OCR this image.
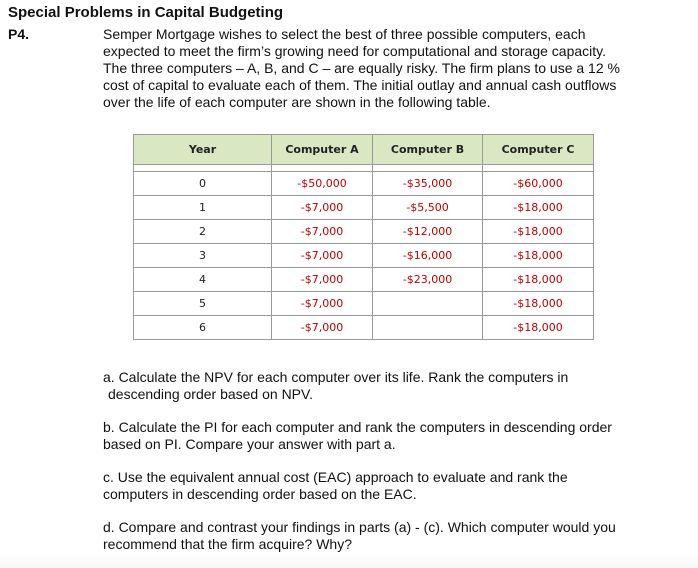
Special Problems in Capital Budgeting
P4.	Semper Mortgage wishes to select the best of three possible computers, each
expected to meet the firm’s growing need for computational and storage capacity.
The three computers – A, B, and C – are equally risky. The firm plans to use a 12 %
cost of capital to evaluate each of them. The initial outlay and annual cash outflows
over the life of each computer are shown in the following table.
Year	Computer A	Computer B	Computer C

0	-$50,000	-$35,000	-$60,000
1	-$7,000	-$5,500	-$18,000
2	-$7,000	-$12,000	-$18,000
3	-$7,000	-$16,000	-$18,000
4	-$7,000	-$23,000	-$18,000
5	-$7,000		-$18,000
6	-$7,000		-$18,000
a. Calculate the NPV for each computer over its life. Rank the computers in
descending order based on NPV.
b. Calculate the PI for each computer and rank the computers in descending order
based on PI. Compare your answer with part a.
c. Use the equivalent annual cost (EAC) approach to evaluate and rank the
computers in descending order based on the EAC.
d. Compare and contrast your findings in parts (a) - (c). Which computer would you
recommend that the firm acquire? Why?
